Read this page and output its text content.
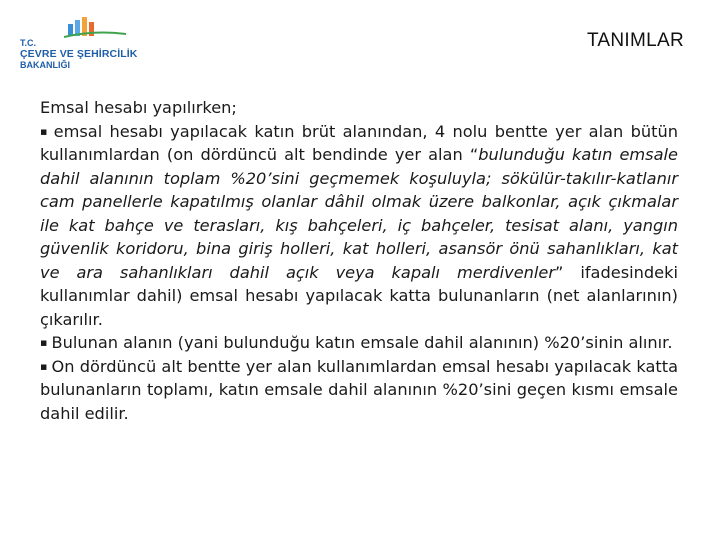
T.C.
ÇEVRE VE ŞEHİRCİLİK
BAKANLIĞI
TANIMLAR

Emsal hesabı yapılırken;

▪ emsal hesabı yapılacak katın brüt alanından, 4 nolu bentte yer alan bütün kullanımlardan (on dördüncü alt bendinde yer alan “bulunduğu katın emsale dahil alanının toplam %20’sini geçmemek koşuluyla; sökülür-takılır-katlanır cam panellerle kapatılmış olanlar dâhil olmak üzere balkonlar, açık çıkmalar ile kat bahçe ve terasları, kış bahçeleri, iç bahçeler, tesisat alanı, yangın güvenlik koridoru, bina giriş holleri, kat holleri, asansör önü sahanlıkları, kat ve ara sahanlıkları dahil açık veya kapalı merdivenler” ifadesindeki kullanımlar dahil) emsal hesabı yapılacak katta bulunanların (net alanlarının) çıkarılır.

▪ Bulunan alanın (yani bulunduğu katın emsale dahil alanının) %20’sinin alınır.

▪ On dördüncü alt bentte yer alan kullanımlardan emsal hesabı yapılacak katta bulunanların toplamı, katın emsale dahil alanının %20’sini geçen kısmı emsale dahil edilir.
